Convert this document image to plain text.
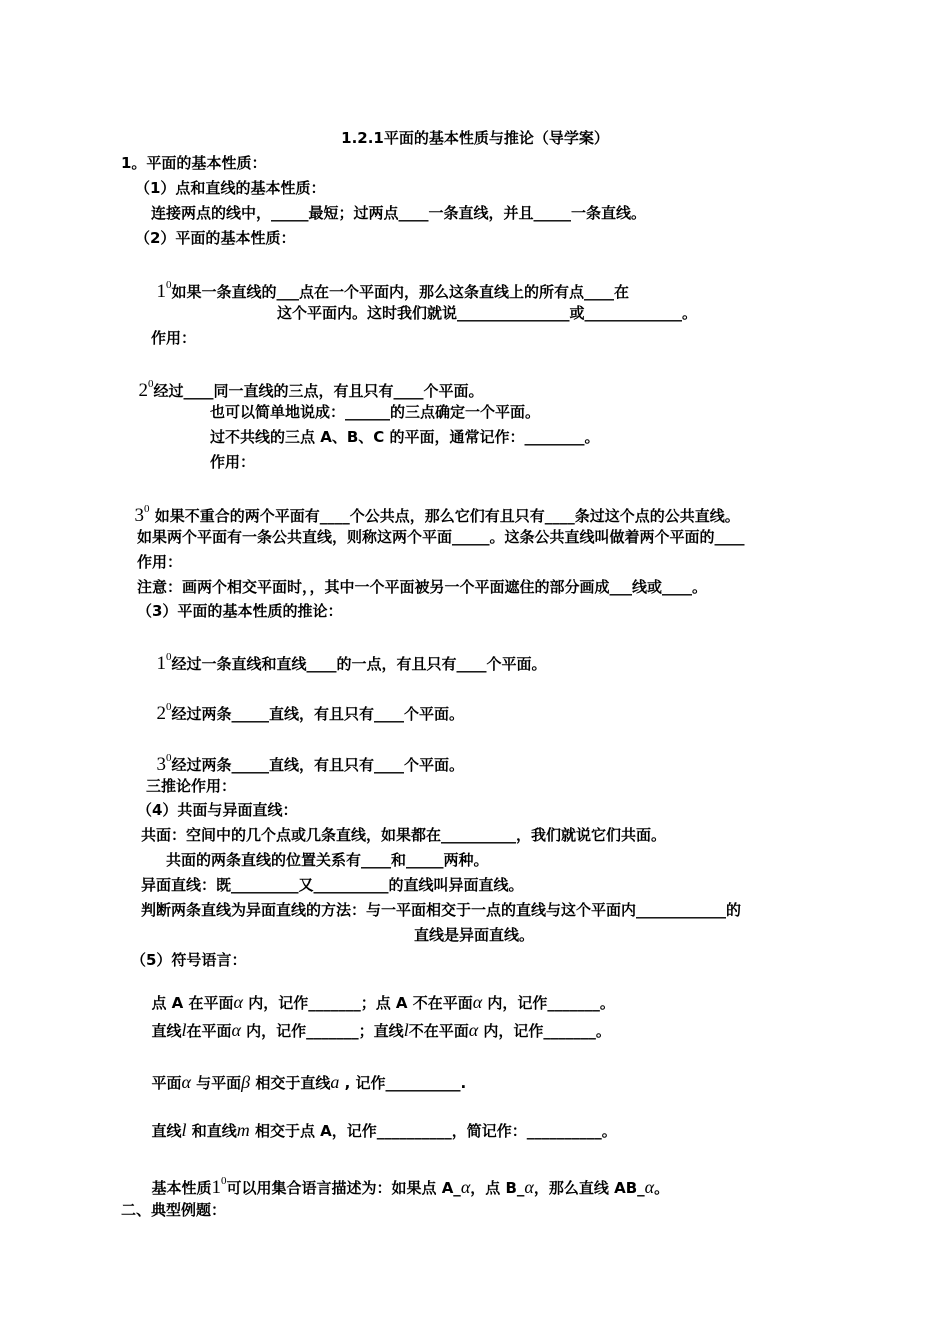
1.2.1平面的基本性质与推论（导学案）
1。平面的基本性质：
（1）点和直线的基本性质：
连接两点的线中，_____最短；过两点____一条直线，并且_____一条直线。
（2）平面的基本性质：

$1^0$如果一条直线的___点在一个平面内，那么这条直线上的所有点____在

这个平面内。这时我们就说_______________或_____________。
作用：

$2^0$经过____同一直线的三点，有且只有____个平面。

也可以简单地说成：______的三点确定一个平面。
过不共线的三点 A、B、C 的平面，通常记作：________。
作用：

$3^0$ 如果不重合的两个平面有____个公共点，那么它们有且只有____条过这个点的公共直线。

如果两个平面有一条公共直线，则称这两个平面_____。这条公共直线叫做着两个平面的____
作用：
注意：画两个相交平面时，，其中一个平面被另一个平面遮住的部分画成___线或____。
（3）平面的基本性质的推论：

$1^0$经过一条直线和直线____的一点，有且只有____个平面。

$2^0$经过两条_____直线，有且只有____个平面。

$3^0$经过两条_____直线，有且只有____个平面。

三推论作用：
（4）共面与异面直线：
共面：空间中的几个点或几条直线，如果都在__________，我们就说它们共面。
共面的两条直线的位置关系有____和_____两种。
异面直线：既_________又__________的直线叫异面直线。
判断两条直线为异面直线的方法：与一平面相交于一点的直线与这个平面内____________的
直线是异面直线。
（5）符号语言：

点 A 在平面α 内，记作_______；点 A 不在平面α 内，记作_______。

直线l在平面α 内，记作_______；直线l不在平面α 内，记作_______。

平面α 与平面β 相交于直线a , 记作__________.

直线l 和直线m 相交于点 A，记作__________，简记作：__________。

基本性质$1^0$可以用集合语言描述为：如果点 A_α，点 B_α，那么直线 AB_α。

二、典型例题：
